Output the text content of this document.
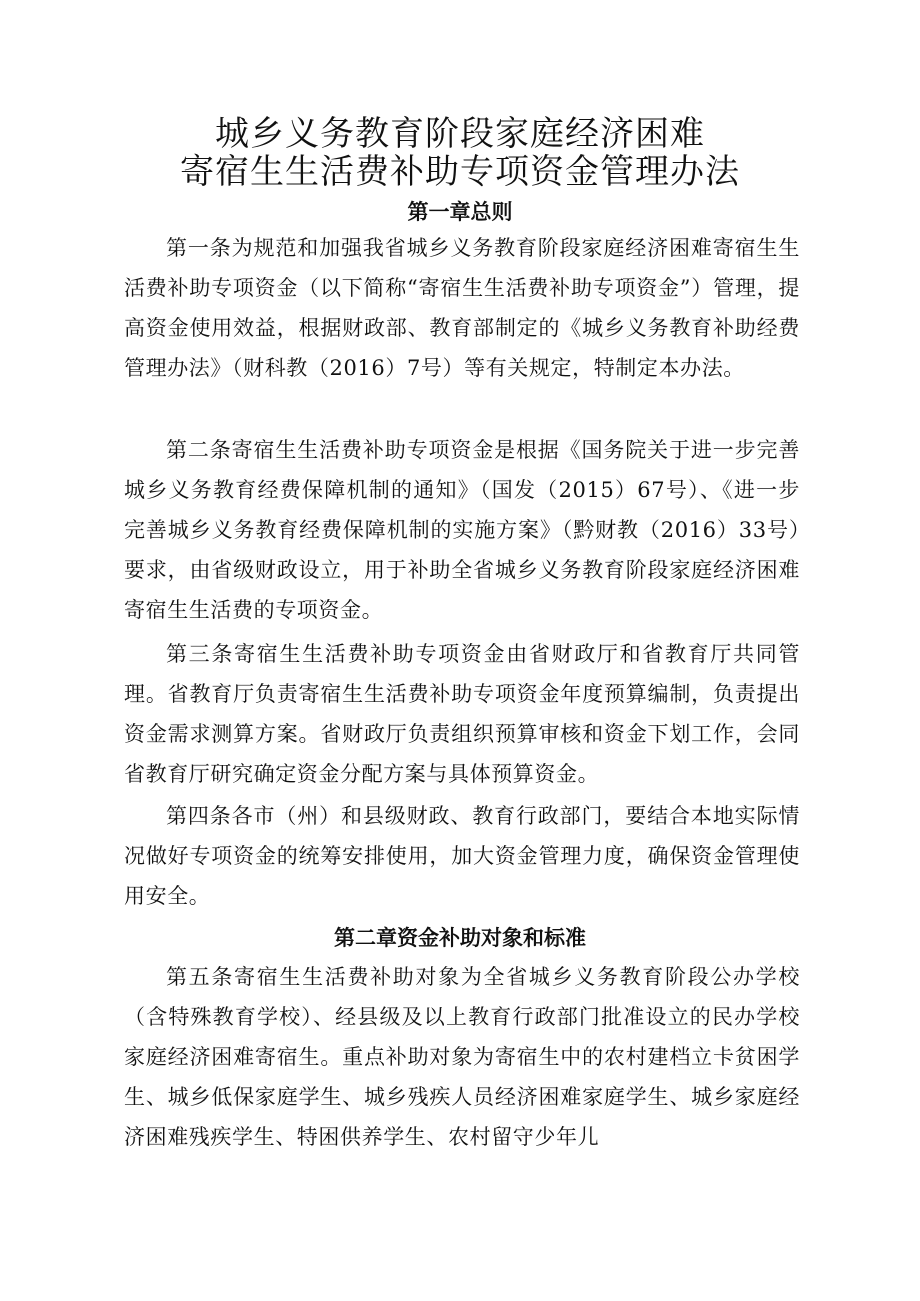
城乡义务教育阶段家庭经济困难
寄宿生生活费补助专项资金管理办法
第一章总则
第一条为规范和加强我省城乡义务教育阶段家庭经济困难寄宿生生活费补助专项资金（以下简称“寄宿生生活费补助专项资金”）管理，提高资金使用效益，根据财政部、教育部制定的《城乡义务教育补助经费管理办法》（财科教（2016）7号）等有关规定，特制定本办法。
第二条寄宿生生活费补助专项资金是根据《国务院关于进一步完善城乡义务教育经费保障机制的通知》（国发（2015）67号）、《进一步完善城乡义务教育经费保障机制的实施方案》（黔财教（2016）33号）要求，由省级财政设立，用于补助全省城乡义务教育阶段家庭经济困难寄宿生生活费的专项资金。
第三条寄宿生生活费补助专项资金由省财政厅和省教育厅共同管理。省教育厅负责寄宿生生活费补助专项资金年度预算编制，负责提出资金需求测算方案。省财政厅负责组织预算审核和资金下划工作，会同省教育厅研究确定资金分配方案与具体预算资金。
第四条各市（州）和县级财政、教育行政部门，要结合本地实际情况做好专项资金的统筹安排使用，加大资金管理力度，确保资金管理使用安全。
第二章资金补助对象和标准
第五条寄宿生生活费补助对象为全省城乡义务教育阶段公办学校（含特殊教育学校）、经县级及以上教育行政部门批准设立的民办学校家庭经济困难寄宿生。重点补助对象为寄宿生中的农村建档立卡贫困学生、城乡低保家庭学生、城乡残疾人员经济困难家庭学生、城乡家庭经济困难残疾学生、特困供养学生、农村留守少年儿
